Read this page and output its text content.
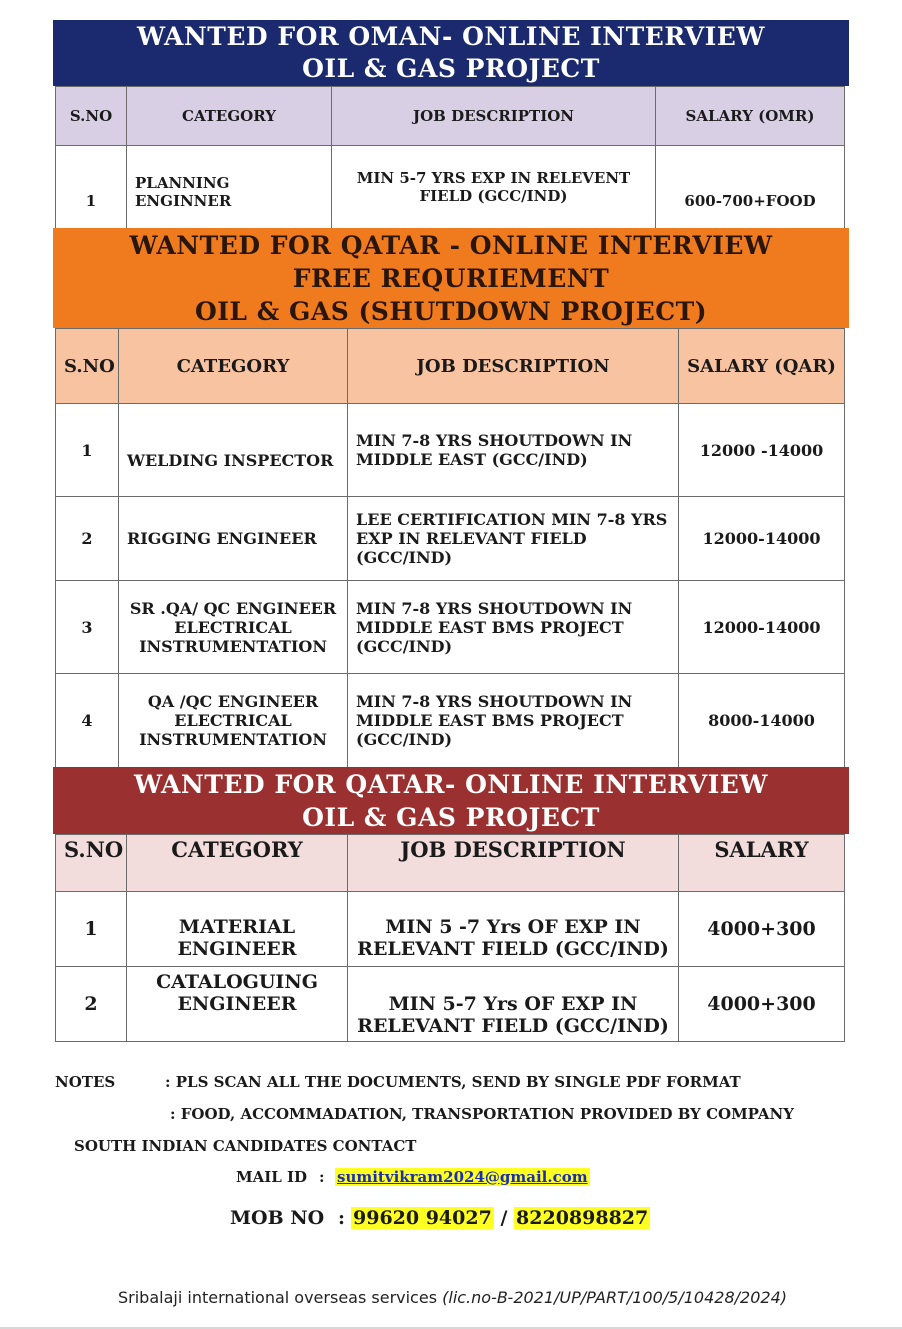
WANTED FOR OMAN- ONLINE INTERVIEW
OIL & GAS PROJECT
S.NO	CATEGORY	JOB DESCRIPTION	SALARY (OMR)
1	PLANNING ENGINNER	MIN 5-7 YRS EXP IN RELEVENT FIELD (GCC/IND)	600-700+FOOD
WANTED FOR QATAR - ONLINE INTERVIEW
FREE REQURIEMENT
OIL & GAS (SHUTDOWN PROJECT)
S.NO	CATEGORY	JOB DESCRIPTION	SALARY (QAR)
1	WELDING INSPECTOR	MIN 7-8 YRS SHOUTDOWN IN MIDDLE EAST (GCC/IND)	12000 -14000
2	RIGGING ENGINEER	LEE CERTIFICATION MIN 7-8 YRS EXP IN RELEVANT FIELD (GCC/IND)	12000-14000
3	SR .QA/ QC ENGINEER ELECTRICAL INSTRUMENTATION	MIN 7-8 YRS SHOUTDOWN IN MIDDLE EAST BMS PROJECT (GCC/IND)	12000-14000
4	QA /QC ENGINEER ELECTRICAL INSTRUMENTATION	MIN 7-8 YRS SHOUTDOWN IN MIDDLE EAST BMS PROJECT (GCC/IND)	8000-14000
WANTED FOR QATAR- ONLINE INTERVIEW
OIL & GAS PROJECT
S.NO	CATEGORY	JOB DESCRIPTION	SALARY
1	MATERIAL ENGINEER	MIN 5 -7 Yrs OF EXP IN RELEVANT FIELD (GCC/IND)	4000+300
2	CATALOGUING ENGINEER	MIN 5-7 Yrs OF EXP IN RELEVANT FIELD (GCC/IND)	4000+300
NOTES	: PLS SCAN ALL THE DOCUMENTS, SEND BY SINGLE PDF FORMAT
: FOOD, ACCOMMADATION, TRANSPORTATION PROVIDED BY COMPANY
SOUTH INDIAN CANDIDATES CONTACT
MAIL ID : sumitvikram2024@gmail.com
MOB NO : 99620 94027 / 8220898827
Sribalaji international overseas services (lic.no-B-2021/UP/PART/100/5/10428/2024)
